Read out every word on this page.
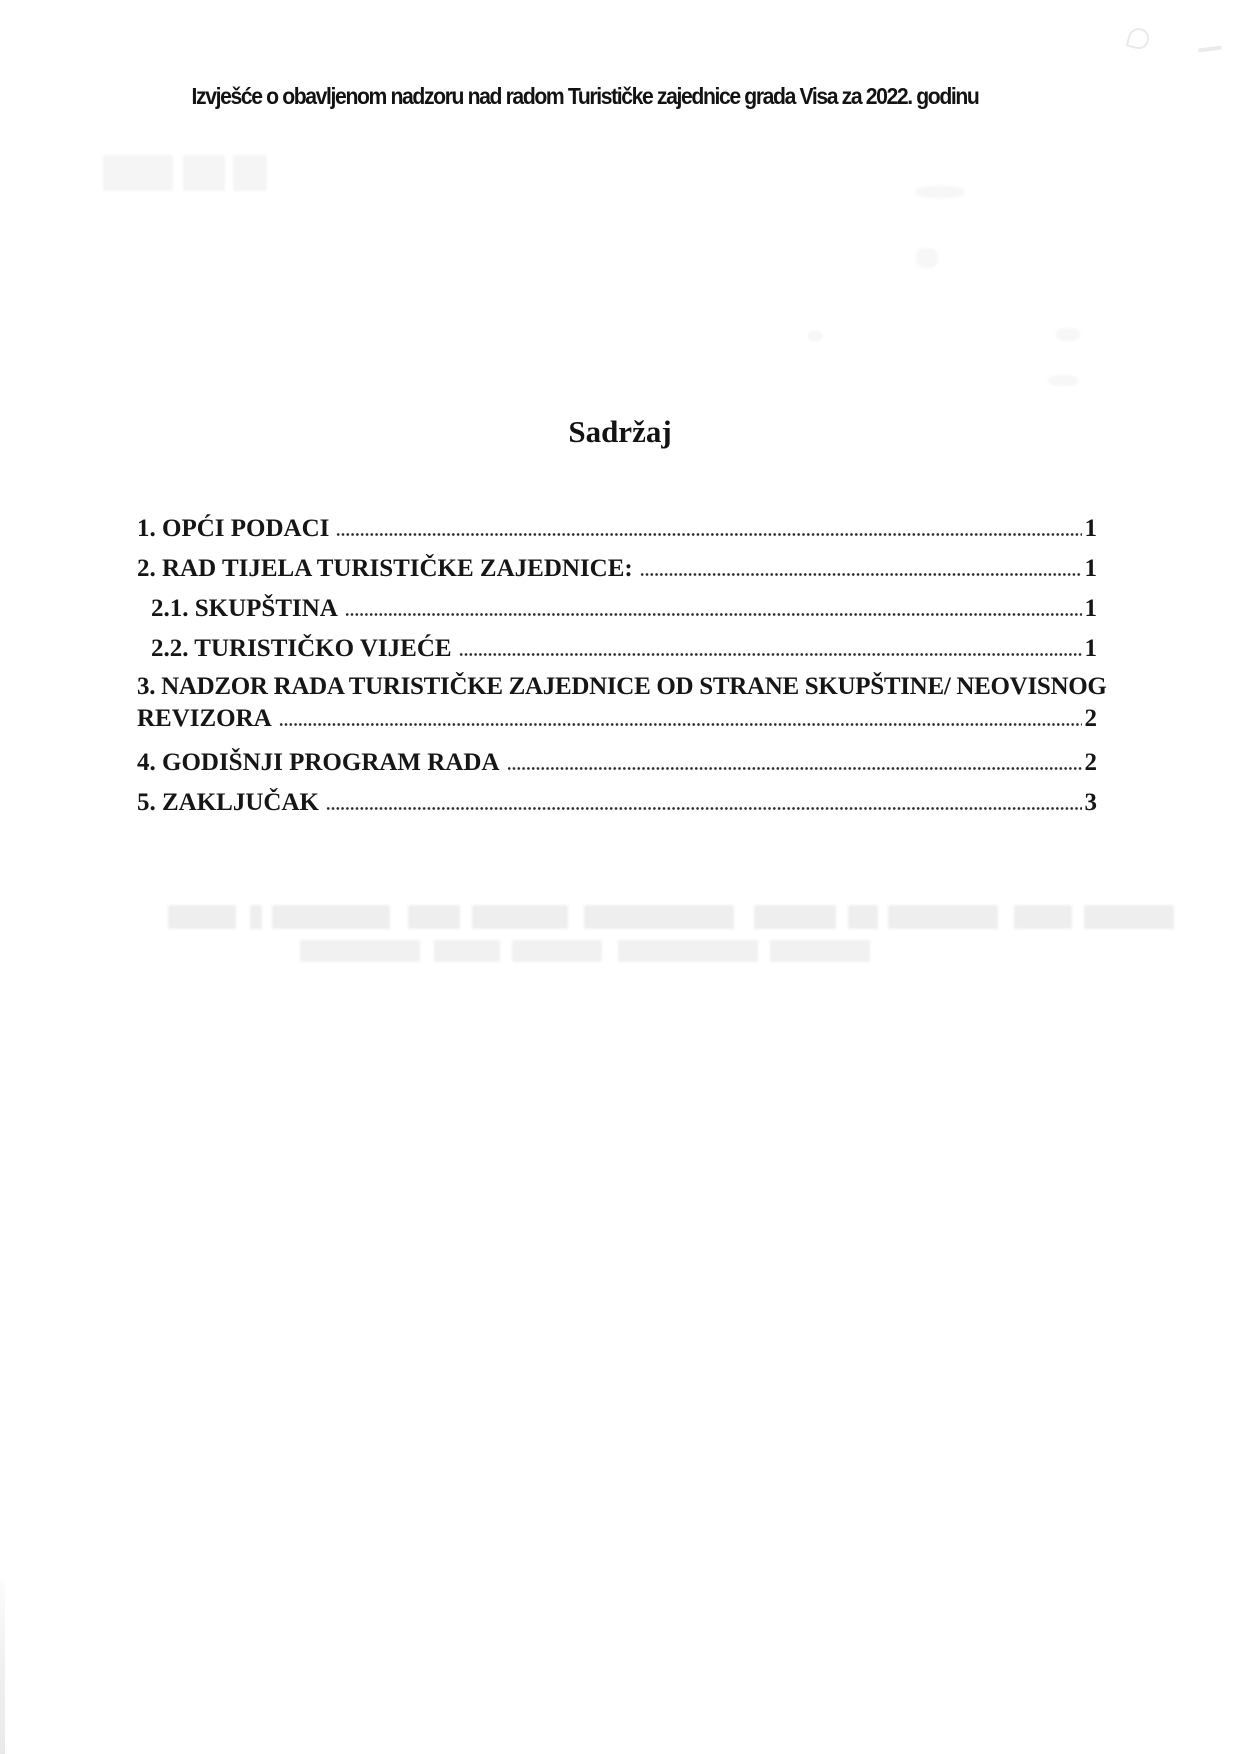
Izvješće o obavljenom nadzoru nad radom Turističke zajednice grada Visa za 2022. godinu
Sadržaj
1. OPĆI PODACI	1
2. RAD TIJELA TURISTIČKE ZAJEDNICE:	1
2.1. SKUPŠTINA	1
2.2. TURISTIČKO VIJEĆE	1
3. NADZOR RADA TURISTIČKE ZAJEDNICE OD STRANE SKUPŠTINE/ NEOVISNOG
REVIZORA	2
4. GODIŠNJI PROGRAM RADA	2
5. ZAKLJUČAK	3
